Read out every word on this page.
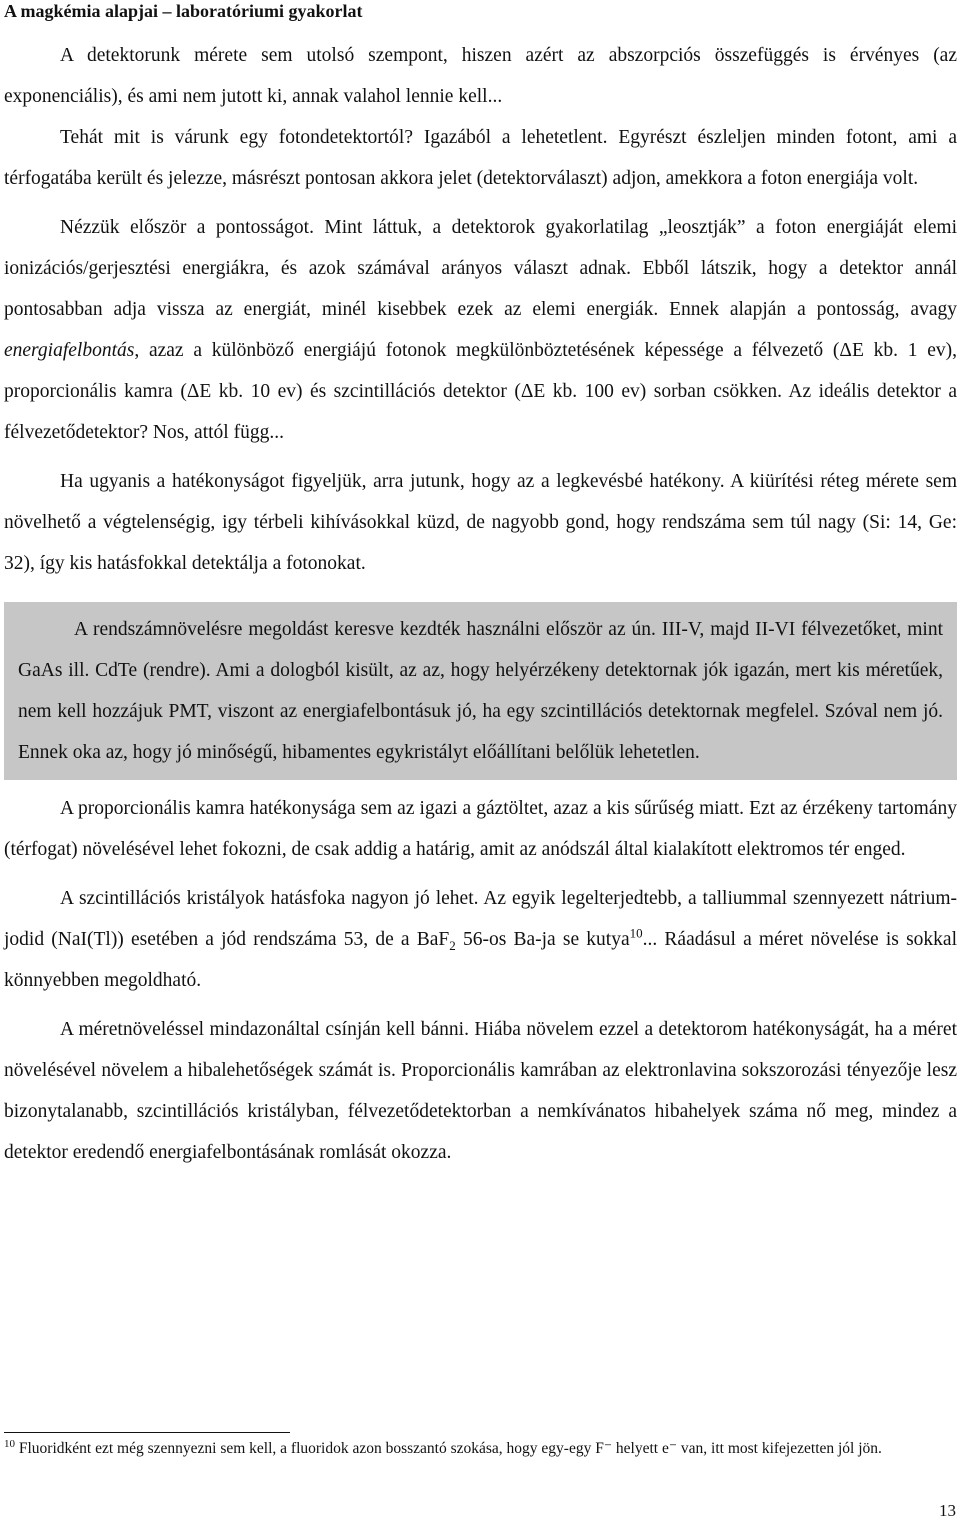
A magkémia alapjai – laboratóriumi gyakorlat

A detektorunk mérete sem utolsó szempont, hiszen azért az abszorpciós összefüggés is érvényes (az exponenciális), és ami nem jutott ki, annak valahol lennie kell...

Tehát mit is várunk egy fotondetektortól? Igazából a lehetetlent. Egyrészt észleljen minden fotont, ami a térfogatába került és jelezze, másrészt pontosan akkora jelet (detektorválaszt) adjon, amekkora a foton energiája volt.

Nézzük először a pontosságot. Mint láttuk, a detektorok gyakorlatilag „leosztják” a foton energiáját elemi ionizációs/gerjesztési energiákra, és azok számával arányos választ adnak. Ebből látszik, hogy a detektor annál pontosabban adja vissza az energiát, minél kisebbek ezek az elemi energiák. Ennek alapján a pontosság, avagy energiafelbontás, azaz a különböző energiájú fotonok megkülönböztetésének képessége a félvezető (ΔE kb. 1 ev), proporcionális kamra (ΔE kb. 10 ev) és szcintillációs detektor (ΔE kb. 100 ev) sorban csökken. Az ideális detektor a félvezetődetektor? Nos, attól függ...

Ha ugyanis a hatékonyságot figyeljük, arra jutunk, hogy az a legkevésbé hatékony. A kiürítési réteg mérete sem növelhető a végtelenségig, igy térbeli kihívásokkal küzd, de nagyobb gond, hogy rendszáma sem túl nagy (Si: 14, Ge: 32), így kis hatásfokkal detektálja a fotonokat.

A rendszámnövelésre megoldást keresve kezdték használni először az ún. III-V, majd II-VI félvezetőket, mint GaAs ill. CdTe (rendre). Ami a dologból kisült, az az, hogy helyérzékeny detektornak jók igazán, mert kis méretűek, nem kell hozzájuk PMT, viszont az energiafelbontásuk jó, ha egy szcintillációs detektornak megfelel. Szóval nem jó. Ennek oka az, hogy jó minőségű, hibamentes egykristályt előállítani belőlük lehetetlen.

A proporcionális kamra hatékonysága sem az igazi a gáztöltet, azaz a kis sűrűség miatt. Ezt az érzékeny tartomány (térfogat) növelésével lehet fokozni, de csak addig a határig, amit az anódszál által kialakított elektromos tér enged.

A szcintillációs kristályok hatásfoka nagyon jó lehet. Az egyik legelterjedtebb, a talliummal szennyezett nátrium-jodid (NaI(Tl)) esetében a jód rendszáma 53, de a BaF$_2$ 56-os Ba-ja se kutya$^{10}$... Ráadásul a méret növelése is sokkal könnyebben megoldható.

A méretnöveléssel mindazonáltal csínján kell bánni. Hiába növelem ezzel a detektorom hatékonyságát, ha a méret növelésével növelem a hibalehetőségek számát is. Proporcionális kamrában az elektronlavina sokszorozási tényezője lesz bizonytalanabb, szcintillációs kristályban, félvezetődetektorban a nemkívánatos hibahelyek száma nő meg, mindez a detektor eredendő energiafelbontásának romlását okozza.

$^{10}$ Fluoridként ezt még szennyezni sem kell, a fluoridok azon bosszantó szokása, hogy egy-egy F⁻ helyett e⁻ van, itt most kifejezetten jól jön.
13
